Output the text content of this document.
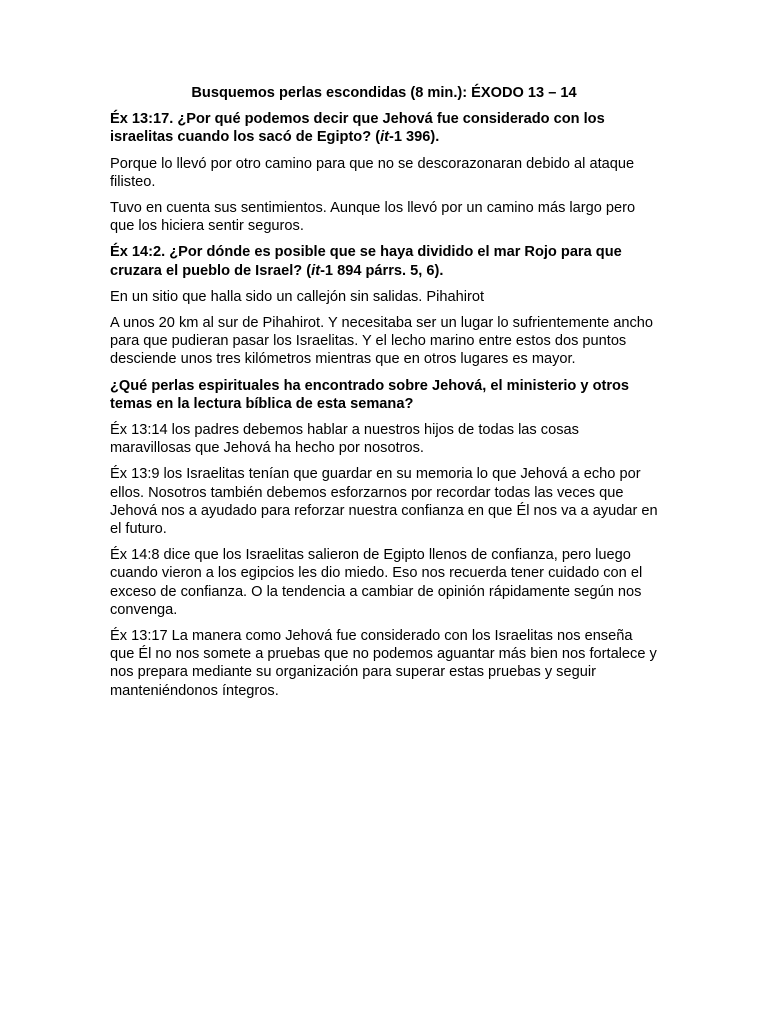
Busquemos perlas escondidas (8 min.): ÉXODO 13 – 14

Éx 13:17. ¿Por qué podemos decir que Jehová fue considerado con los israelitas cuando los sacó de Egipto? (it-1 396).

Porque lo llevó por otro camino para que no se descorazonaran debido al ataque filisteo.

Tuvo en cuenta sus sentimientos. Aunque los llevó por un camino más largo pero que los hiciera sentir seguros.

Éx 14:2. ¿Por dónde es posible que se haya dividido el mar Rojo para que cruzara el pueblo de Israel? (it-1 894 párrs. 5, 6).

En un sitio que halla sido un callejón sin salidas. Pihahirot

A unos 20 km al sur de Pihahirot. Y necesitaba ser un lugar lo sufrientemente ancho para que pudieran pasar los Israelitas. Y el lecho marino entre estos dos puntos desciende unos tres kilómetros mientras que en otros lugares es mayor.

¿Qué perlas espirituales ha encontrado sobre Jehová, el ministerio y otros temas en la lectura bíblica de esta semana?

Éx 13:14 los padres debemos hablar a nuestros hijos de todas las cosas maravillosas que Jehová ha hecho por nosotros.

Éx 13:9 los Israelitas tenían que guardar en su memoria lo que Jehová a echo por ellos. Nosotros también debemos esforzarnos por recordar todas las veces que Jehová nos a ayudado para reforzar nuestra confianza en que Él nos va a ayudar en el futuro.

Éx 14:8 dice que los Israelitas salieron de Egipto llenos de confianza, pero luego cuando vieron a los egipcios les dio miedo. Eso nos recuerda tener cuidado con el exceso de confianza. O la tendencia a cambiar de opinión rápidamente según nos convenga.

Éx 13:17 La manera como Jehová fue considerado con los Israelitas nos enseña que Él no nos somete a pruebas que no podemos aguantar más bien nos fortalece y nos prepara mediante su organización para superar estas pruebas y seguir manteniéndonos íntegros.
